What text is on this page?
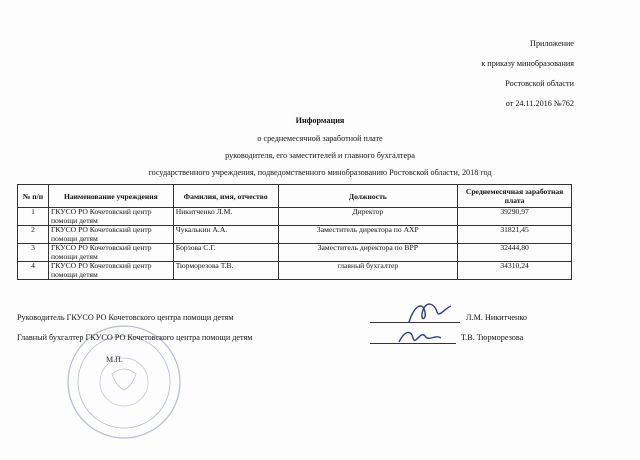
Приложение
к приказу минобразования
Ростовской области
от 24.11.2016 №762
Информация
о среднемесячной заработной плате
руководителя, его заместителей и главного бухгалтера
государственного учреждения, подведомственного минобразованию Ростовской области, 2018 год
№ п/п	Наименование учреждения	Фамилия, имя, отчество	Должность	Среднемесячная заработная плата
1	ГКУСО РО Кочетовский центр помощи детям	Никитченко Л.М.	Директор	39290,97
2	ГКУСО РО Кочетовский центр помощи детям	Чукалькин А.А.	Заместитель директора по АХР	31821,45
3	ГКУСО РО Кочетовский центр помощи детям	Борзова С.Г.	Заместитель директора по ВРР	32444,80
4	ГКУСО РО Кочетовский центр помощи детям	Тюрморезова Т.В.	главный бухгалтер	34310,24
М.П.
Руководитель ГКУСО РО Кочетовского центра помощи детям	Л.М. Никитченко
Главный бухгалтер ГКУСО РО Кочетовского центра помощи детям	Т.В. Тюрморезова
